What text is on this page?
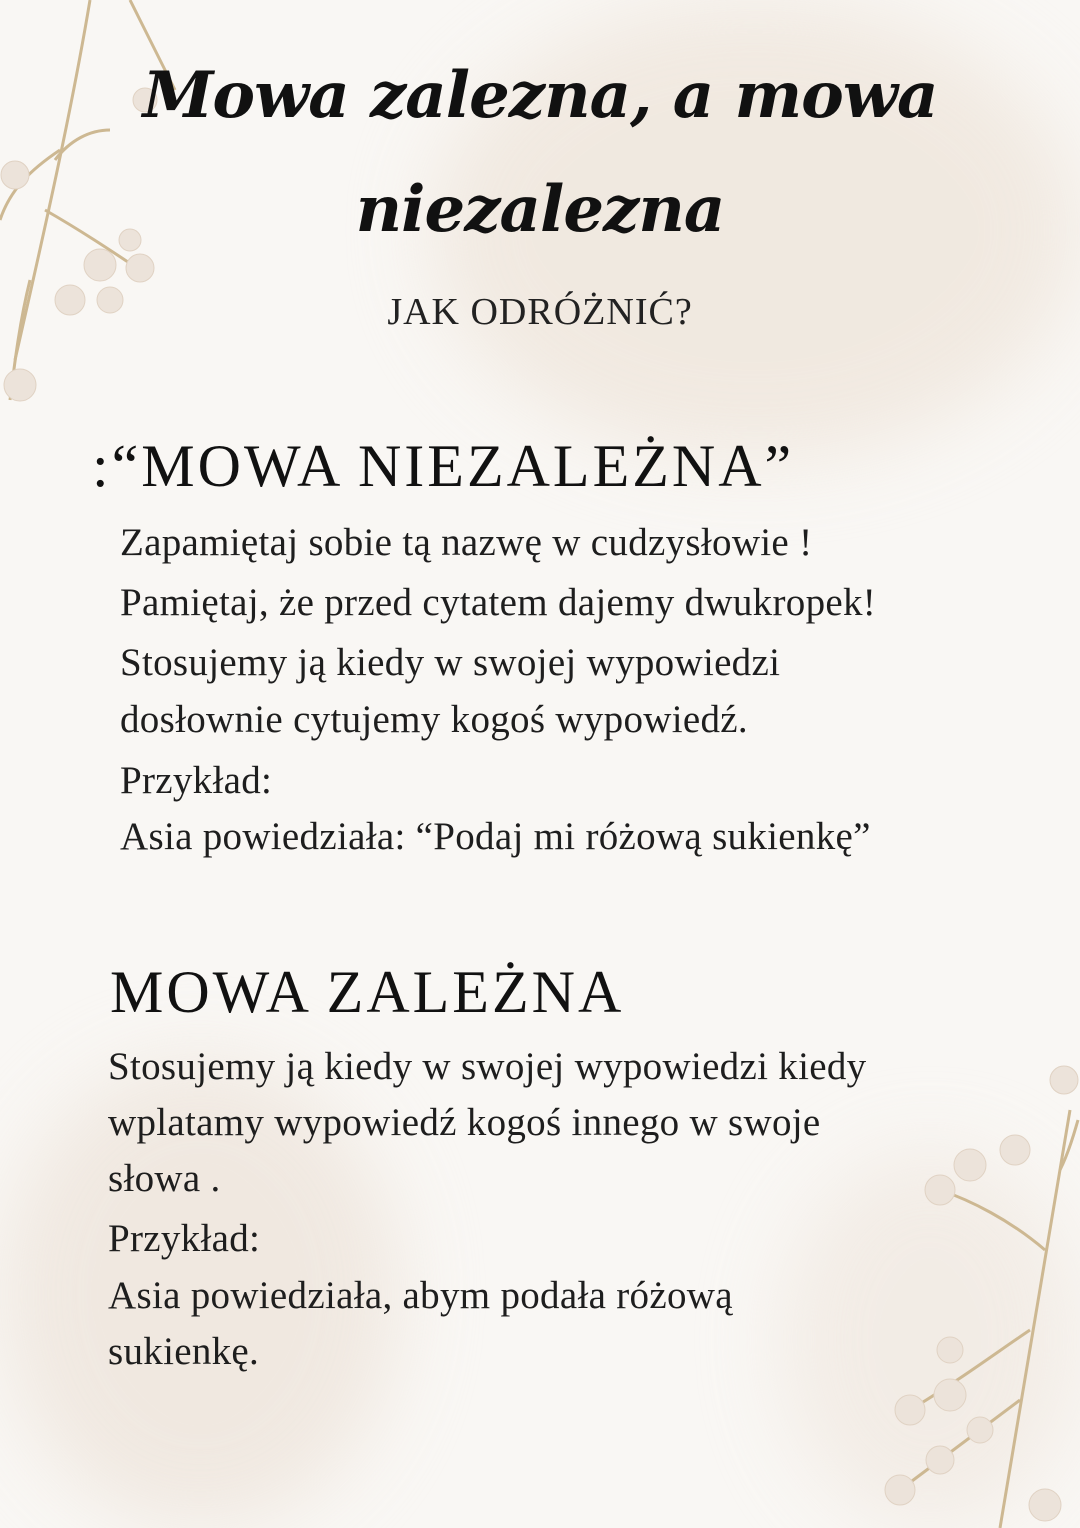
Mowa zalezna, a mowa
niezalezna
JAK ODRÓŻNIĆ?
:“MOWA NIEZALEŻNA”
Zapamiętaj sobie tą nazwę w cudzysłowie !
Pamiętaj, że przed cytatem dajemy dwukropek!
Stosujemy ją kiedy w swojej wypowiedzi
dosłownie cytujemy kogoś wypowiedź.
Przykład:
Asia powiedziała: “Podaj mi różową sukienkę”
MOWA ZALEŻNA
Stosujemy ją kiedy w swojej wypowiedzi kiedy
wplatamy wypowiedź kogoś innego w swoje
słowa .
Przykład:
Asia powiedziała, abym podała różową
sukienkę.
